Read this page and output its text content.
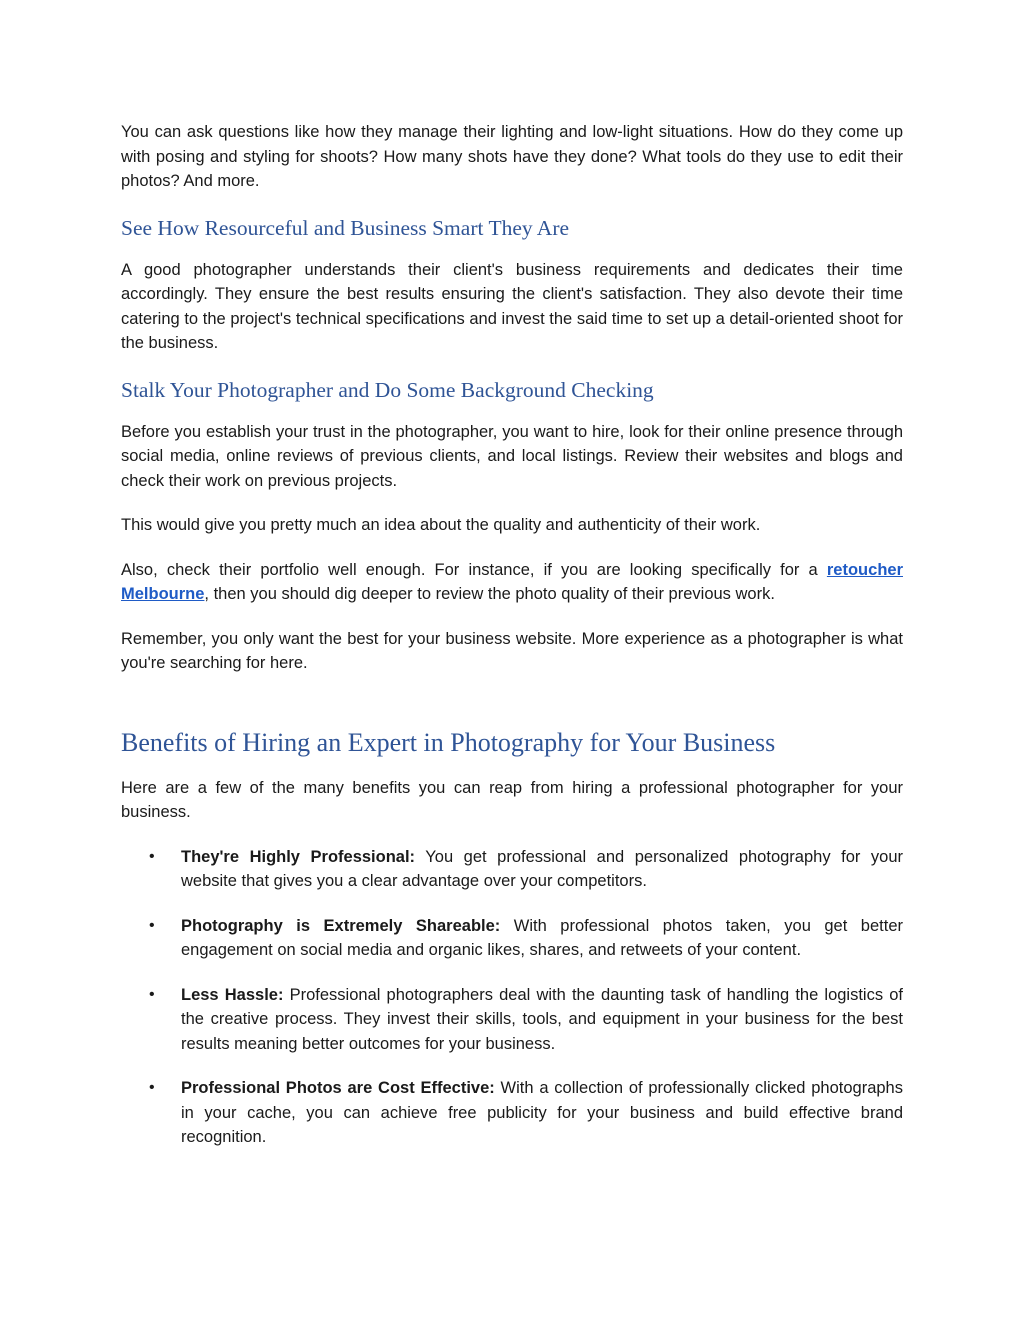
You can ask questions like how they manage their lighting and low-light situations. How do they come up with posing and styling for shoots? How many shots have they done? What tools do they use to edit their photos? And more.

See How Resourceful and Business Smart They Are

A good photographer understands their client's business requirements and dedicates their time accordingly. They ensure the best results ensuring the client's satisfaction. They also devote their time catering to the project's technical specifications and invest the said time to set up a detail-oriented shoot for the business.

Stalk Your Photographer and Do Some Background Checking

Before you establish your trust in the photographer, you want to hire, look for their online presence through social media, online reviews of previous clients, and local listings. Review their websites and blogs and check their work on previous projects.

This would give you pretty much an idea about the quality and authenticity of their work.

Also, check their portfolio well enough. For instance, if you are looking specifically for a retoucher Melbourne, then you should dig deeper to review the photo quality of their previous work.

Remember, you only want the best for your business website. More experience as a photographer is what you're searching for here.

Benefits of Hiring an Expert in Photography for Your Business

Here are a few of the many benefits you can reap from hiring a professional photographer for your business.

• They're Highly Professional: You get professional and personalized photography for your website that gives you a clear advantage over your competitors.
• Photography is Extremely Shareable: With professional photos taken, you get better engagement on social media and organic likes, shares, and retweets of your content.
• Less Hassle: Professional photographers deal with the daunting task of handling the logistics of the creative process. They invest their skills, tools, and equipment in your business for the best results meaning better outcomes for your business.
• Professional Photos are Cost Effective: With a collection of professionally clicked photographs in your cache, you can achieve free publicity for your business and build effective brand recognition.
